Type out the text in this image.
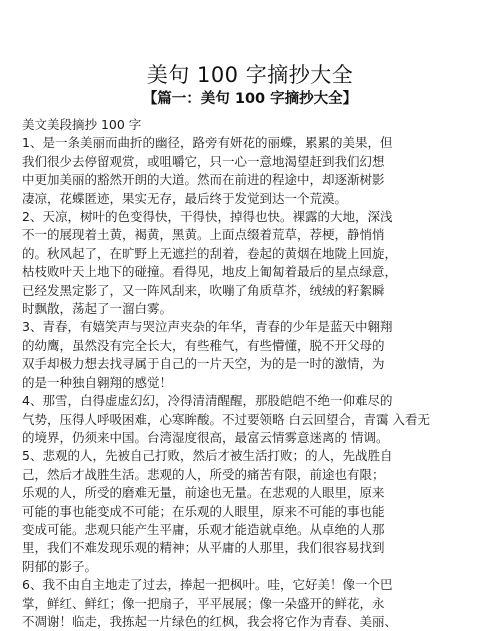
美句 100 字摘抄大全
【篇一：美句 100 字摘抄大全】
美文美段摘抄 100 字
1、是一条美丽而曲折的幽径，路旁有妍花的丽蝶，累累的美果，但
我们很少去停留观赏，或咀嚼它，只一心一意地渴望赶到我们幻想
中更加美丽的豁然开朗的大道。然而在前进的程途中，却逐渐树影
凄凉，花蝶匿迹，果实无存，最后终于发觉到达一个荒漠。
2、天凉，树叶的色变得快，干得快，掉得也快。裸露的大地，深浅
不一的展现着土黄，褐黄，黑黄。上面点缀着荒草，荐梗，静悄悄
的。秋风起了，在旷野上无遮拦的刮着，卷起的黄烟在地陇上回旋，
枯枝败叶天上地下的碰撞。看得见，地皮上匍匐着最后的星点绿意，
已经发黑定影了，又一阵风刮来，吹嘣了角质草芥，绒绒的籽絮瞬
时飘散，荡起了一溜白雾。
3、青春，有嬉笑声与哭泣声夹杂的年华，青春的少年是蓝天中翱翔
的幼鹰，虽然没有完全长大，有些稚气，有些懵懂，脱不开父母的
双手却极力想去找寻属于自己的一片天空，为的是一时的激情，为
的是一种独自翱翔的感觉！
4、那雪，白得虚虚幻幻，冷得清清醒醒，那股皑皑不绝一仰难尽的
气势，压得人呼吸困难，心寒眸酸。不过要领略 白云回望合，青霭 入看无
的境界，仍须来中国。台湾湿度很高，最富云情雾意迷离的 情调。
5、悲观的人，先被自己打败，然后才被生活打败；的人，先战胜自
己，然后才战胜生活。悲观的人，所受的痛苦有限，前途也有限；
乐观的人，所受的磨难无量，前途也无量。在悲观的人眼里，原来
可能的事也能变成不可能；在乐观的人眼里，原来不可能的事也能
变成可能。悲观只能产生平庸，乐观才能造就卓绝。从卓绝的人那
里，我们不难发现乐观的精神；从平庸的人那里，我们很容易找到
阴郁的影子。
6、我不由自主地走了过去，捧起一把枫叶。哇，它好美！像一个巴
掌，鲜红、鲜红；像一把扇子，平平展展；像一朵盛开的鲜花，永
不凋谢！临走，我拣起一片绿色的红枫，我会将它作为青春、美丽、
